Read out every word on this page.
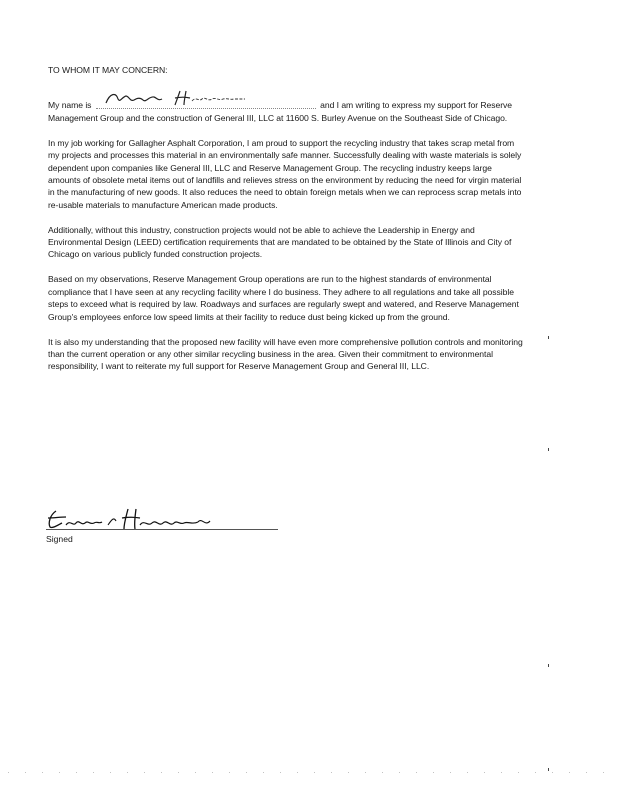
TO WHOM IT MAY CONCERN:

My name is	and I am writing to express my support for Reserve Management Group and the construction of General III, LLC at 11600 S. Burley Avenue on the Southeast Side of Chicago.

In my job working for Gallagher Asphalt Corporation, I am proud to support the recycling industry that takes scrap metal from my projects and processes this material in an environmentally safe manner. Successfully dealing with waste materials is solely dependent upon companies like General III, LLC and Reserve Management Group. The recycling industry keeps large amounts of obsolete metal items out of landfills and relieves stress on the environment by reducing the need for virgin material in the manufacturing of new goods. It also reduces the need to obtain foreign metals when we can reprocess scrap metals into re-usable materials to manufacture American made products.

Additionally, without this industry, construction projects would not be able to achieve the Leadership in Energy and Environmental Design (LEED) certification requirements that are mandated to be obtained by the State of Illinois and City of Chicago on various publicly funded construction projects.

Based on my observations, Reserve Management Group operations are run to the highest standards of environmental compliance that I have seen at any recycling facility where I do business. They adhere to all regulations and take all possible steps to exceed what is required by law. Roadways and surfaces are regularly swept and watered, and Reserve Management Group's employees enforce low speed limits at their facility to reduce dust being kicked up from the ground.

It is also my understanding that the proposed new facility will have even more comprehensive pollution controls and monitoring than the current operation or any other similar recycling business in the area. Given their commitment to environmental responsibility, I want to reiterate my full support for Reserve Management Group and General III, LLC.

Signed
